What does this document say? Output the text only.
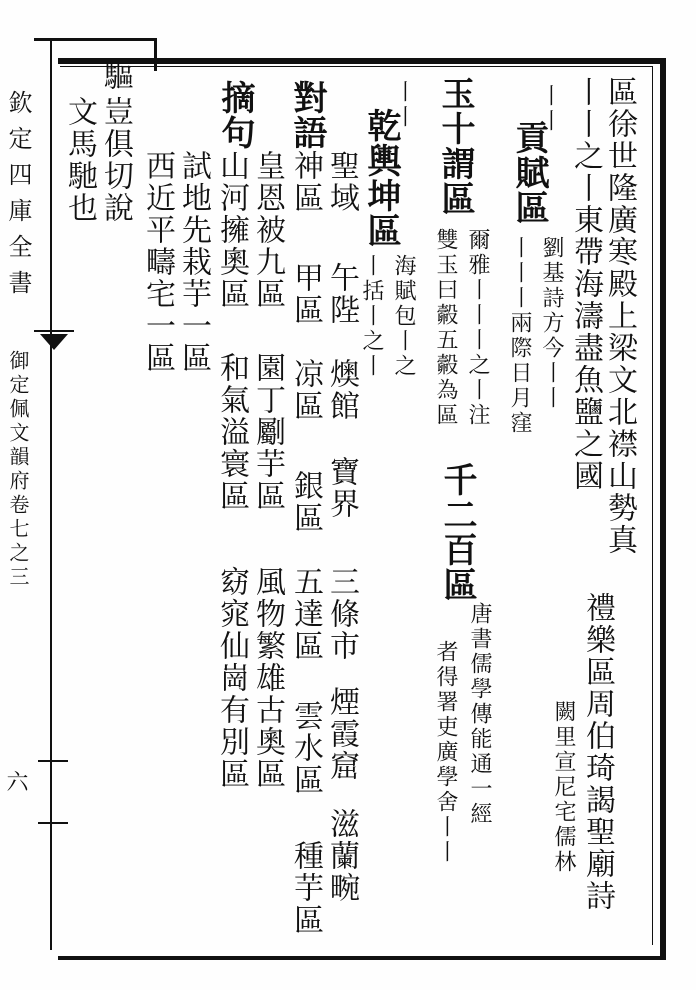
欽定四庫全書
御定佩文韻府卷七之三
六
區徐世隆廣寒殿上梁文北襟山勢真
丨丨之丨東帶海濤盡魚鹽之國
禮樂區周伯琦謁聖廟詩
闕里宣尼宅儒林
丨丨
貢賦區
劉基詩方今丨丨
丨丨丨兩際日月窪
玉十謂區
爾雅丨丨丨之丨注
千二百區
唐書儒學傳能通一經
雙玉曰㲉五㲉為區
者得署吏廣學舍丨丨
丨丨
乾輿坤區
海賦包丨之
丨括丨之丨
對語
聖域
午陛
燠館
寶界
三條市
煙霞窟
滋蘭畹
神區
甲區
凉區
銀區
五達區
雲水區
種芋區
摘句
皇恩被九區
園丁劚芋區
風物繁雄古奧區
山河擁奧區
和氣溢寰區
窈窕仙崗有別區
試地先栽芋一區
西近平疇宅一區
驅
豈俱切說
文馬馳也
